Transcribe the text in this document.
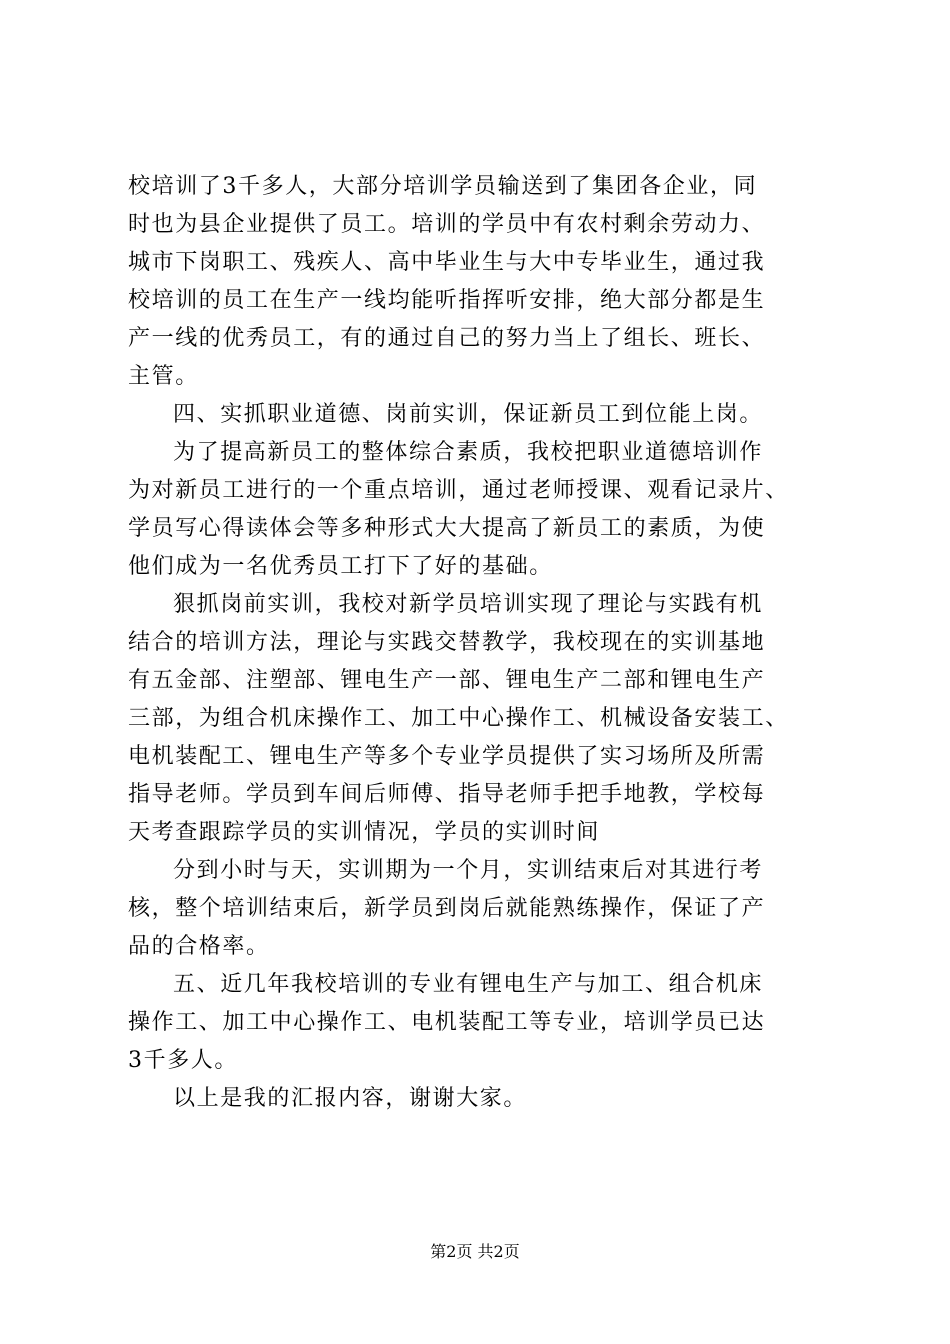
校培训了3千多人，大部分培训学员输送到了集团各企业，同
时也为县企业提供了员工。培训的学员中有农村剩余劳动力、
城市下岗职工、残疾人、高中毕业生与大中专毕业生，通过我
校培训的员工在生产一线均能听指挥听安排，绝大部分都是生
产一线的优秀员工，有的通过自己的努力当上了组长、班长、
主管。
四、实抓职业道德、岗前实训，保证新员工到位能上岗。
为了提高新员工的整体综合素质，我校把职业道德培训作
为对新员工进行的一个重点培训，通过老师授课、观看记录片、
学员写心得读体会等多种形式大大提高了新员工的素质，为使
他们成为一名优秀员工打下了好的基础。
狠抓岗前实训，我校对新学员培训实现了理论与实践有机
结合的培训方法，理论与实践交替教学，我校现在的实训基地
有五金部、注塑部、锂电生产一部、锂电生产二部和锂电生产
三部，为组合机床操作工、加工中心操作工、机械设备安装工、
电机装配工、锂电生产等多个专业学员提供了实习场所及所需
指导老师。学员到车间后师傅、指导老师手把手地教，学校每
天考查跟踪学员的实训情况，学员的实训时间
分到小时与天，实训期为一个月，实训结束后对其进行考
核，整个培训结束后，新学员到岗后就能熟练操作，保证了产
品的合格率。
五、近几年我校培训的专业有锂电生产与加工、组合机床
操作工、加工中心操作工、电机装配工等专业，培训学员已达
3千多人。
以上是我的汇报内容，谢谢大家。
第2页 共2页
